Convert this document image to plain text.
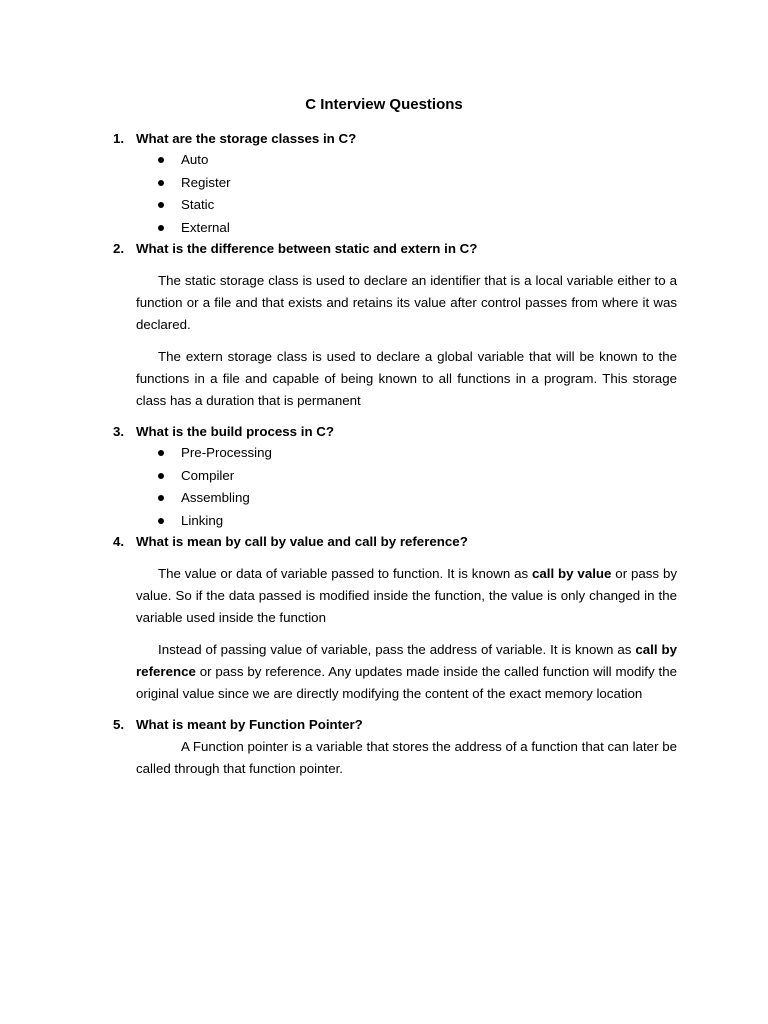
C Interview Questions
1. What are the storage classes in C?
Auto
Register
Static
External
2. What is the difference between static and extern in C?

The static storage class is used to declare an identifier that is a local variable either to a function or a file and that exists and retains its value after control passes from where it was declared.

The extern storage class is used to declare a global variable that will be known to the functions in a file and capable of being known to all functions in a program. This storage class has a duration that is permanent

3. What is the build process in C?
Pre-Processing
Compiler
Assembling
Linking
4. What is mean by call by value and call by reference?

The value or data of variable passed to function. It is known as call by value or pass by value. So if the data passed is modified inside the function, the value is only changed in the variable used inside the function

Instead of passing value of variable, pass the address of variable. It is known as call by reference or pass by reference. Any updates made inside the called function will modify the original value since we are directly modifying the content of the exact memory location

5. What is meant by Function Pointer?

A Function pointer is a variable that stores the address of a function that can later be called through that function pointer.
